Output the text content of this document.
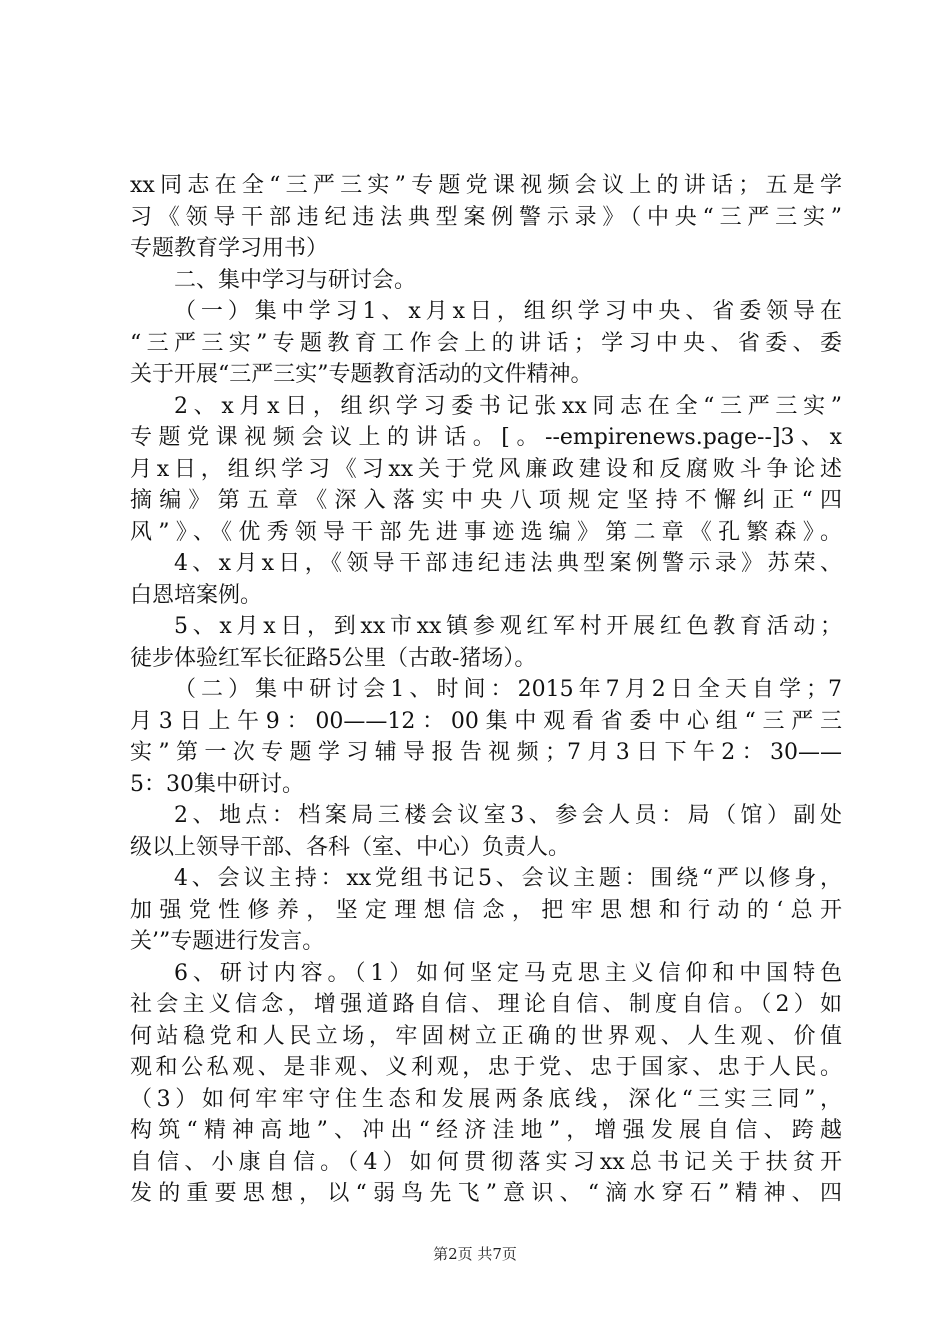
xx同志在全“三严三实”专题党课视频会议上的讲话；五是学
习《领导干部违纪违法典型案例警示录》（中央“三严三实”
专题教育学习用书）
二、集中学习与研讨会。
（一）集中学习1、x月x日，组织学习中央、省委领导在
“三严三实”专题教育工作会上的讲话；学习中央、省委、委
关于开展“三严三实”专题教育活动的文件精神。
2、x月x日，组织学习委书记张xx同志在全“三严三实”
专题党课视频会议上的讲话。[。--empirenews.page--]3、x
月x日，组织学习《习xx关于党风廉政建设和反腐败斗争论述
摘编》第五章《深入落实中央八项规定坚持不懈纠正“四
风”》、《优秀领导干部先进事迹选编》第二章《孔繁森》。
4、x月x日，《领导干部违纪违法典型案例警示录》苏荣、
白恩培案例。
5、x月x日，到xx市xx镇参观红军村开展红色教育活动；
徒步体验红军长征路5公里（古敢-猪场）。
（二）集中研讨会1、时间：2015年7月2日全天自学；7
月3日上午9：00——12：00集中观看省委中心组“三严三
实”第一次专题学习辅导报告视频；7月3日下午2：30——
5：30集中研讨。
2、地点：档案局三楼会议室3、参会人员：局（馆）副处
级以上领导干部、各科（室、中心）负责人。
4、会议主持：xx党组书记5、会议主题：围绕“严以修身，
加强党性修养，坚定理想信念，把牢思想和行动的‘总开
关’”专题进行发言。
6、研讨内容。（1）如何坚定马克思主义信仰和中国特色
社会主义信念，增强道路自信、理论自信、制度自信。（2）如
何站稳党和人民立场，牢固树立正确的世界观、人生观、价值
观和公私观、是非观、义利观，忠于党、忠于国家、忠于人民。
（3）如何牢牢守住生态和发展两条底线，深化“三实三同”，
构筑“精神高地”、冲出“经济洼地”，增强发展自信、跨越
自信、小康自信。（4）如何贯彻落实习xx总书记关于扶贫开
发的重要思想，以“弱鸟先飞”意识、“滴水穿石”精神、四
第2页 共7页
